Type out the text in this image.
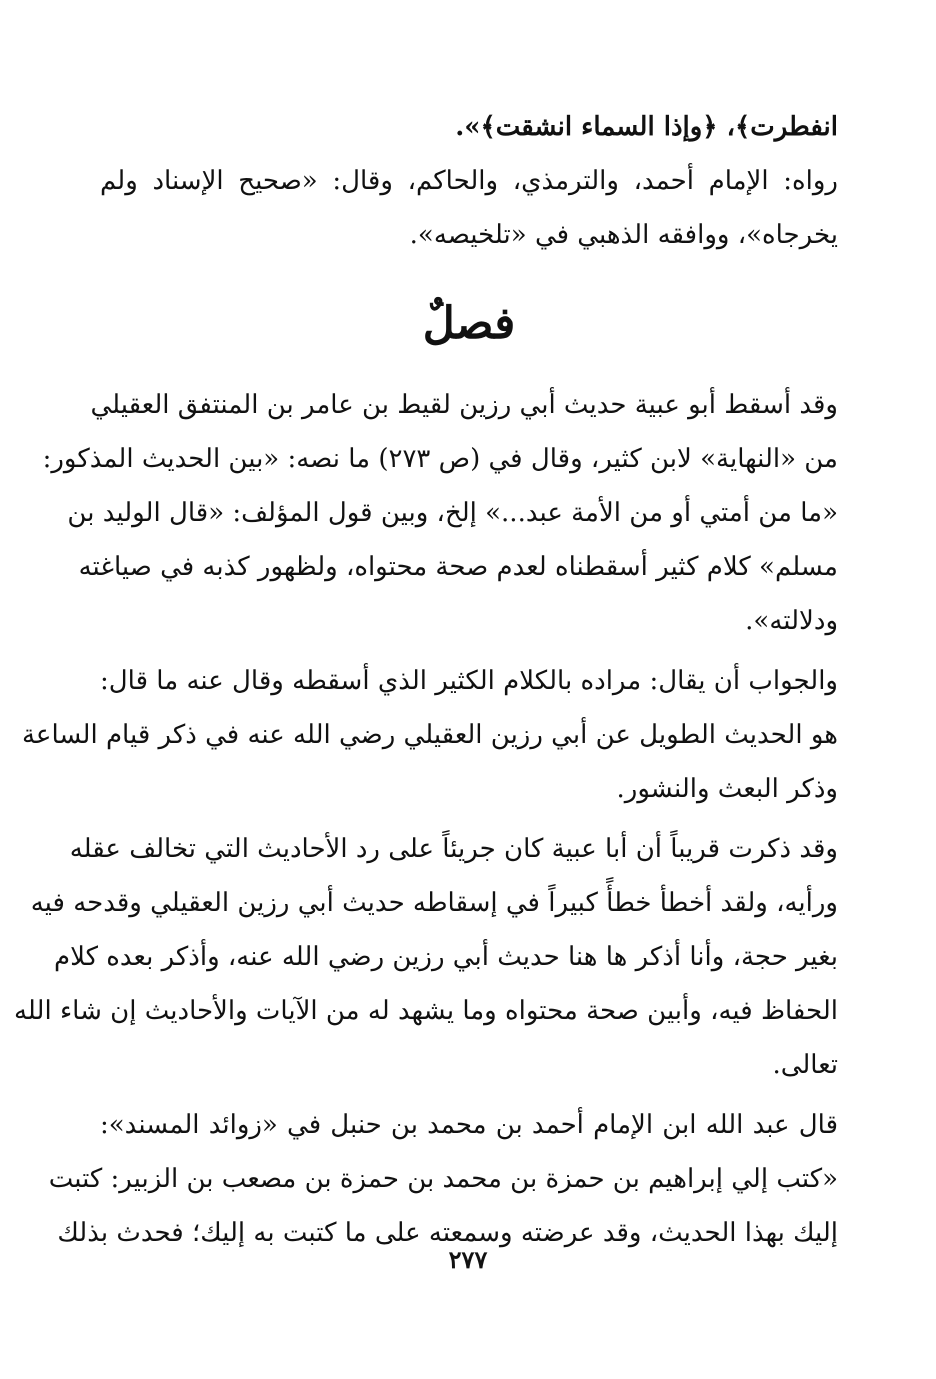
انفطرت﴾، ﴿وإذا السماء انشقت﴾».
رواه: الإمام أحمد، والترمذي، والحاكم، وقال: «صحيح الإسناد ولم
يخرجاه»، ووافقه الذهبي في «تلخيصه».
فصلٌ
وقد أسقط أبو عبية حديث أبي رزين لقيط بن عامر بن المنتفق العقيلي
من «النهاية» لابن كثير، وقال في (ص ٢٧٣) ما نصه: «بين الحديث المذكور:
«ما من أمتي أو من الأمة عبد...» إلخ، وبين قول المؤلف: «قال الوليد بن
مسلم» كلام كثير أسقطناه لعدم صحة محتواه، ولظهور كذبه في صياغته
ودلالته».
والجواب أن يقال: مراده بالكلام الكثير الذي أسقطه وقال عنه ما قال:
هو الحديث الطويل عن أبي رزين العقيلي رضي الله عنه في ذكر قيام الساعة
وذكر البعث والنشور.
وقد ذكرت قريباً أن أبا عبية كان جريئاً على رد الأحاديث التي تخالف عقله
ورأيه، ولقد أخطأ خطأً كبيراً في إسقاطه حديث أبي رزين العقيلي وقدحه فيه
بغير حجة، وأنا أذكر ها هنا حديث أبي رزين رضي الله عنه، وأذكر بعده كلام
الحفاظ فيه، وأبين صحة محتواه وما يشهد له من الآيات والأحاديث إن شاء الله
تعالى.
قال عبد الله ابن الإمام أحمد بن محمد بن حنبل في «زوائد المسند»:
«كتب إلي إبراهيم بن حمزة بن محمد بن حمزة بن مصعب بن الزبير: كتبت
إليك بهذا الحديث، وقد عرضته وسمعته على ما كتبت به إليك؛ فحدث بذلك
٢٧٧
